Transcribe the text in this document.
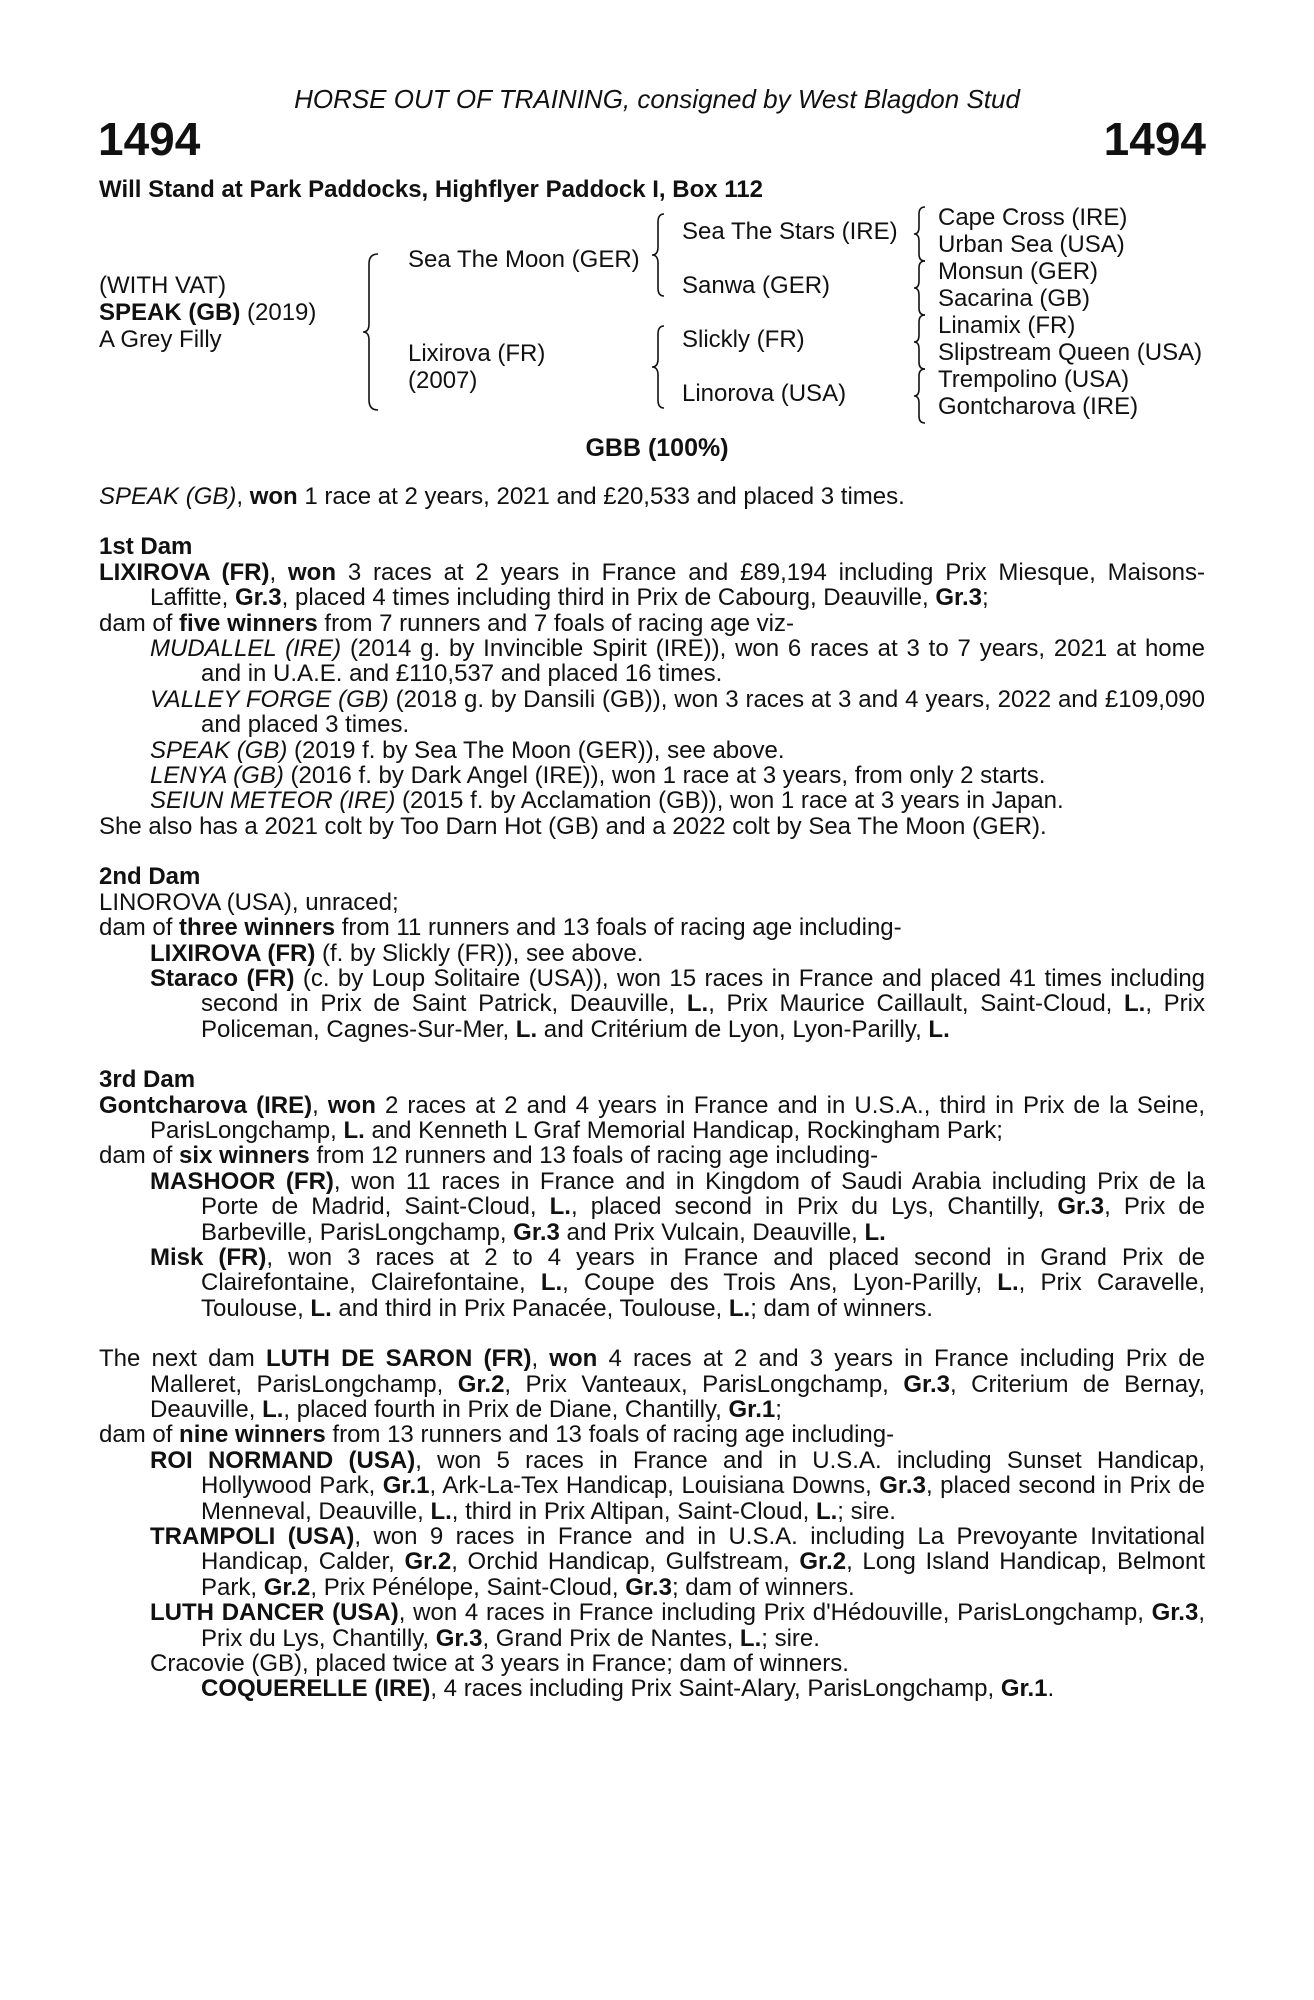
HORSE OUT OF TRAINING, consigned by West Blagdon Stud
1494	1494
Will Stand at Park Paddocks, Highflyer Paddock I, Box 112
(WITH VAT)
SPEAK (GB) (2019)
A Grey Filly
Sea The Moon (GER)
Lixirova (FR)
(2007)
Sea The Stars (IRE)
Sanwa (GER)
Slickly (FR)
Linorova (USA)
Cape Cross (IRE)
Urban Sea (USA)
Monsun (GER)
Sacarina (GB)
Linamix (FR)
Slipstream Queen (USA)
Trempolino (USA)
Gontcharova (IRE)
GBB (100%)

SPEAK (GB), won 1 race at 2 years, 2021 and £20,533 and placed 3 times.

1st Dam

LIXIROVA (FR), won 3 races at 2 years in France and £89,194 including Prix Miesque, Maisons-Laffitte, Gr.3, placed 4 times including third in Prix de Cabourg, Deauville, Gr.3;

dam of five winners from 7 runners and 7 foals of racing age viz-

MUDALLEL (IRE) (2014 g. by Invincible Spirit (IRE)), won 6 races at 3 to 7 years, 2021 at home and in U.A.E. and £110,537 and placed 16 times.

VALLEY FORGE (GB) (2018 g. by Dansili (GB)), won 3 races at 3 and 4 years, 2022 and £109,090 and placed 3 times.

SPEAK (GB) (2019 f. by Sea The Moon (GER)), see above.

LENYA (GB) (2016 f. by Dark Angel (IRE)), won 1 race at 3 years, from only 2 starts.

SEIUN METEOR (IRE) (2015 f. by Acclamation (GB)), won 1 race at 3 years in Japan.

She also has a 2021 colt by Too Darn Hot (GB) and a 2022 colt by Sea The Moon (GER).

2nd Dam

LINOROVA (USA), unraced;

dam of three winners from 11 runners and 13 foals of racing age including-

LIXIROVA (FR) (f. by Slickly (FR)), see above.

Staraco (FR) (c. by Loup Solitaire (USA)), won 15 races in France and placed 41 times including second in Prix de Saint Patrick, Deauville, L., Prix Maurice Caillault, Saint-Cloud, L., Prix Policeman, Cagnes-Sur-Mer, L. and Critérium de Lyon, Lyon-Parilly, L.

3rd Dam

Gontcharova (IRE), won 2 races at 2 and 4 years in France and in U.S.A., third in Prix de la Seine, ParisLongchamp, L. and Kenneth L Graf Memorial Handicap, Rockingham Park;

dam of six winners from 12 runners and 13 foals of racing age including-

MASHOOR (FR), won 11 races in France and in Kingdom of Saudi Arabia including Prix de la Porte de Madrid, Saint-Cloud, L., placed second in Prix du Lys, Chantilly, Gr.3, Prix de Barbeville, ParisLongchamp, Gr.3 and Prix Vulcain, Deauville, L.

Misk (FR), won 3 races at 2 to 4 years in France and placed second in Grand Prix de Clairefontaine, Clairefontaine, L., Coupe des Trois Ans, Lyon-Parilly, L., Prix Caravelle, Toulouse, L. and third in Prix Panacée, Toulouse, L.; dam of winners.

The next dam LUTH DE SARON (FR), won 4 races at 2 and 3 years in France including Prix de Malleret, ParisLongchamp, Gr.2, Prix Vanteaux, ParisLongchamp, Gr.3, Criterium de Bernay, Deauville, L., placed fourth in Prix de Diane, Chantilly, Gr.1;

dam of nine winners from 13 runners and 13 foals of racing age including-

ROI NORMAND (USA), won 5 races in France and in U.S.A. including Sunset Handicap, Hollywood Park, Gr.1, Ark-La-Tex Handicap, Louisiana Downs, Gr.3, placed second in Prix de Menneval, Deauville, L., third in Prix Altipan, Saint-Cloud, L.; sire.

TRAMPOLI (USA), won 9 races in France and in U.S.A. including La Prevoyante Invitational Handicap, Calder, Gr.2, Orchid Handicap, Gulfstream, Gr.2, Long Island Handicap, Belmont Park, Gr.2, Prix Pénélope, Saint-Cloud, Gr.3; dam of winners.

LUTH DANCER (USA), won 4 races in France including Prix d'Hédouville, ParisLongchamp, Gr.3, Prix du Lys, Chantilly, Gr.3, Grand Prix de Nantes, L.; sire.

Cracovie (GB), placed twice at 3 years in France; dam of winners.

COQUERELLE (IRE), 4 races including Prix Saint-Alary, ParisLongchamp, Gr.1.
